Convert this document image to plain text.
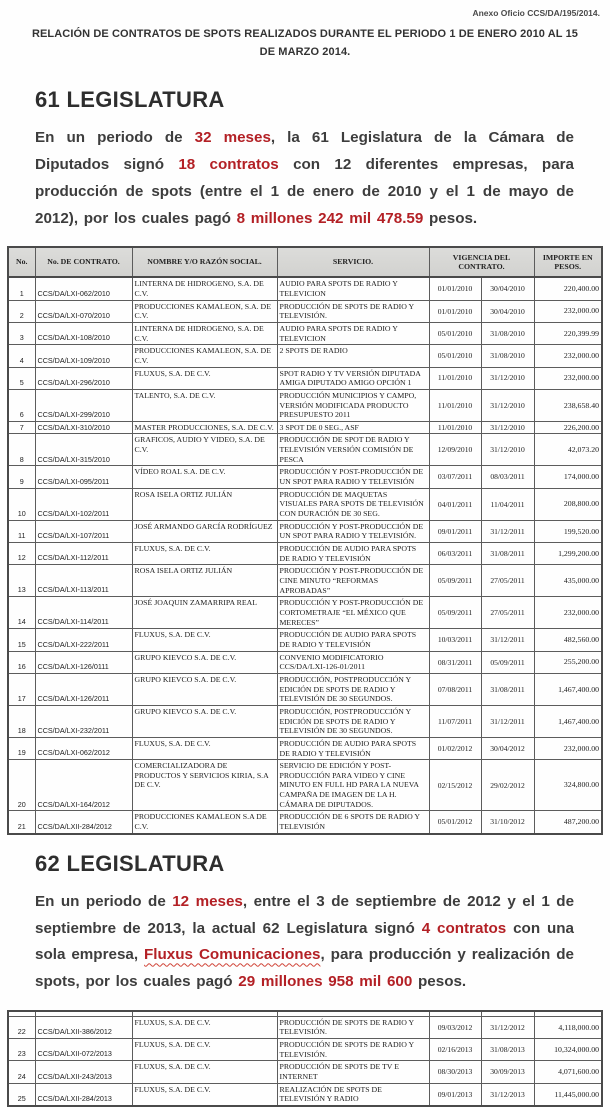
Anexo Oficio CCS/DA/195/2014.
RELACIÓN DE CONTRATOS DE SPOTS REALIZADOS DURANTE EL PERIODO 1 DE ENERO 2010 AL 15 DE MARZO 2014.
61 LEGISLATURA

En un periodo de 32 meses, la 61 Legislatura de la Cámara de Diputados signó 18 contratos con 12 diferentes empresas, para producción de spots (entre el 1 de enero de 2010 y el 1 de mayo de 2012), por los cuales pagó 8 millones 242 mil 478.59 pesos.

No.	No. DE CONTRATO.	NOMBRE Y/O RAZÓN SOCIAL.	SERVICIO.	VIGENCIA DEL CONTRATO.		IMPORTE EN PESOS.
1	CCS/DA/LXI-062/2010	LINTERNA DE HIDROGENO, S.A. DE C.V.	AUDIO PARA SPOTS DE RADIO Y TELEVICION	01/01/2010	30/04/2010	220,400.00
2	CCS/DA/LXI-070/2010	PRODUCCIONES KAMALEON, S.A. DE C.V.	PRODUCCIÓN DE SPOTS DE RADIO Y TELEVISIÓN.	01/01/2010	30/04/2010	232,000.00
3	CCS/DA/LXI-108/2010	LINTERNA DE HIDROGENO, S.A. DE C.V.	AUDIO PARA SPOTS DE RADIO Y TELEVICION	05/01/2010	31/08/2010	220,399.99
4	CCS/DA/LXI-109/2010	PRODUCCIONES KAMALEON, S.A. DE C.V.	2 SPOTS DE RADIO	05/01/2010	31/08/2010	232,000.00
5	CCS/DA/LXI-296/2010	FLUXUS, S.A. DE C.V.	SPOT RADIO Y TV VERSIÓN DIPUTADA AMIGA DIPUTADO AMIGO OPCIÓN 1	11/01/2010	31/12/2010	232,000.00
6	CCS/DA/LXI-299/2010	TALENTO, S.A. DE C.V.	PRODUCCIÓN MUNICIPIOS Y CAMPO, VERSIÓN MODIFICADA PRODUCTO PRESUPUESTO 2011	11/01/2010	31/12/2010	238,658.40
7	CCS/DA/LXI-310/2010	MASTER PRODUCCIONES, S.A. DE C.V.	3 SPOT DE 0 SEG., ASF	11/01/2010	31/12/2010	226,200.00
8	CCS/DA/LXI-315/2010	GRAFICOS, AUDIO Y VIDEO, S.A. DE C.V.	PRODUCCIÓN DE SPOT DE RADIO Y TELEVISIÓN VERSIÓN COMISIÓN DE PESCA	12/09/2010	31/12/2010	42,073.20
9	CCS/DA/LXI-095/2011	VÍDEO ROAL S.A. DE C.V.	PRODUCCIÓN Y POST-PRODUCCIÓN DE UN SPOT PARA RADIO Y TELEVISIÓN	03/07/2011	08/03/2011	174,000.00
10	CCS/DA/LXI-102/2011	ROSA ISELA ORTIZ JULIÁN	PRODUCCIÓN DE MAQUETAS VISUALES PARA SPOTS DE TELEVISIÓN CON DURACIÓN DE 30 SEG.	04/01/2011	11/04/2011	208,800.00
11	CCS/DA/LXI-107/2011	JOSÉ ARMANDO GARCÍA RODRÍGUEZ	PRODUCCIÓN Y POST-PRODUCCIÓN DE UN SPOT PARA RADIO Y TELEVISIÓN.	09/01/2011	31/12/2011	199,520.00
12	CCS/DA/LXI-112/2011	FLUXUS, S.A. DE C.V.	PRODUCCIÓN DE AUDIO PARA SPOTS DE RADIO Y TELEVISIÓN	06/03/2011	31/08/2011	1,299,200.00
13	CCS/DA/LXI-113/2011	ROSA ISELA ORTIZ JULIÁN	PRODUCCIÓN Y POST-PRODUCCIÓN DE CINE MINUTO “REFORMAS APROBADAS”	05/09/2011	27/05/2011	435,000.00
14	CCS/DA/LXI-114/2011	JOSÉ JOAQUIN ZAMARRIPA REAL	PRODUCCIÓN Y POST-PRODUCCIÓN DE CORTOMETRAJE “EL MÉXICO QUE MERECES”	05/09/2011	27/05/2011	232,000.00
15	CCS/DA/LXI-222/2011	FLUXUS, S.A. DE C.V.	PRODUCCIÓN DE AUDIO PARA SPOTS DE RADIO Y TELEVISIÓN	10/03/2011	31/12/2011	482,560.00
16	CCS/DA/LXI-126/0111	GRUPO KIEVCO S.A. DE C.V.	CONVENIO MODIFICATORIO CCS/DA/LXI-126-01/2011	08/31/2011	05/09/2011	255,200.00
17	CCS/DA/LXI-126/2011	GRUPO KIEVCO S.A. DE C.V.	PRODUCCIÓN, POSTPRODUCCIÓN Y EDICIÓN DE SPOTS DE RADIO Y TELEVISIÓN DE 30 SEGUNDOS.	07/08/2011	31/08/2011	1,467,400.00
18	CCS/DA/LXI-232/2011	GRUPO KIEVCO S.A. DE C.V.	PRODUCCIÓN, POSTPRODUCCIÓN Y EDICIÓN DE SPOTS DE RADIO Y TELEVISIÓN DE 30 SEGUNDOS.	11/07/2011	31/12/2011	1,467,400.00
19	CCS/DA/LXI-062/2012	FLUXUS, S.A. DE C.V.	PRODUCCIÓN DE AUDIO PARA SPOTS DE RADIO Y TELEVISIÓN	01/02/2012	30/04/2012	232,000.00
20	CCS/DA/LXI-164/2012	COMERCIALIZADORA DE PRODUCTOS Y SERVICIOS KIRIA, S.A DE C.V.	SERVICIO DE EDICIÓN Y POST-PRODUCCIÓN PARA VIDEO Y CINE MINUTO EN FULL HD PARA LA NUEVA CAMPAÑA DE IMAGEN DE LA H. CÁMARA DE DIPUTADOS.	02/15/2012	29/02/2012	324,800.00
21	CCS/DA/LXII-284/2012	PRODUCCIONES KAMALEON S.A DE C.V.	PRODUCCIÓN DE 6 SPOTS DE RADIO Y TELEVISIÓN	05/01/2012	31/10/2012	487,200.00
62 LEGISLATURA

En un periodo de 12 meses, entre el 3 de septiembre de 2012 y el 1 de septiembre de 2013, la actual 62 Legislatura signó 4 contratos con una sola empresa, Fluxus Comunicaciones, para producción y realización de spots, por los cuales pagó 29 millones 958 mil 600 pesos.

22	CCS/DA/LXII-386/2012	FLUXUS, S.A. DE C.V.	PRODUCCIÓN DE SPOTS DE RADIO Y TELEVISIÓN.	09/03/2012	31/12/2012	4,118,000.00
23	CCS/DA/LXII-072/2013	FLUXUS, S.A. DE C.V.	PRODUCCIÓN DE SPOTS DE RADIO Y TELEVISIÓN.	02/16/2013	31/08/2013	10,324,000.00
24	CCS/DA/LXII-243/2013	FLUXUS, S.A. DE C.V.	PRODUCCIÓN DE SPOTS DE TV E INTERNET	08/30/2013	30/09/2013	4,071,600.00
25	CCS/DA/LXII-284/2013	FLUXUS, S.A. DE C.V.	REALIZACIÓN DE SPOTS DE TELEVISIÓN Y RADIO	09/01/2013	31/12/2013	11,445,000.00
